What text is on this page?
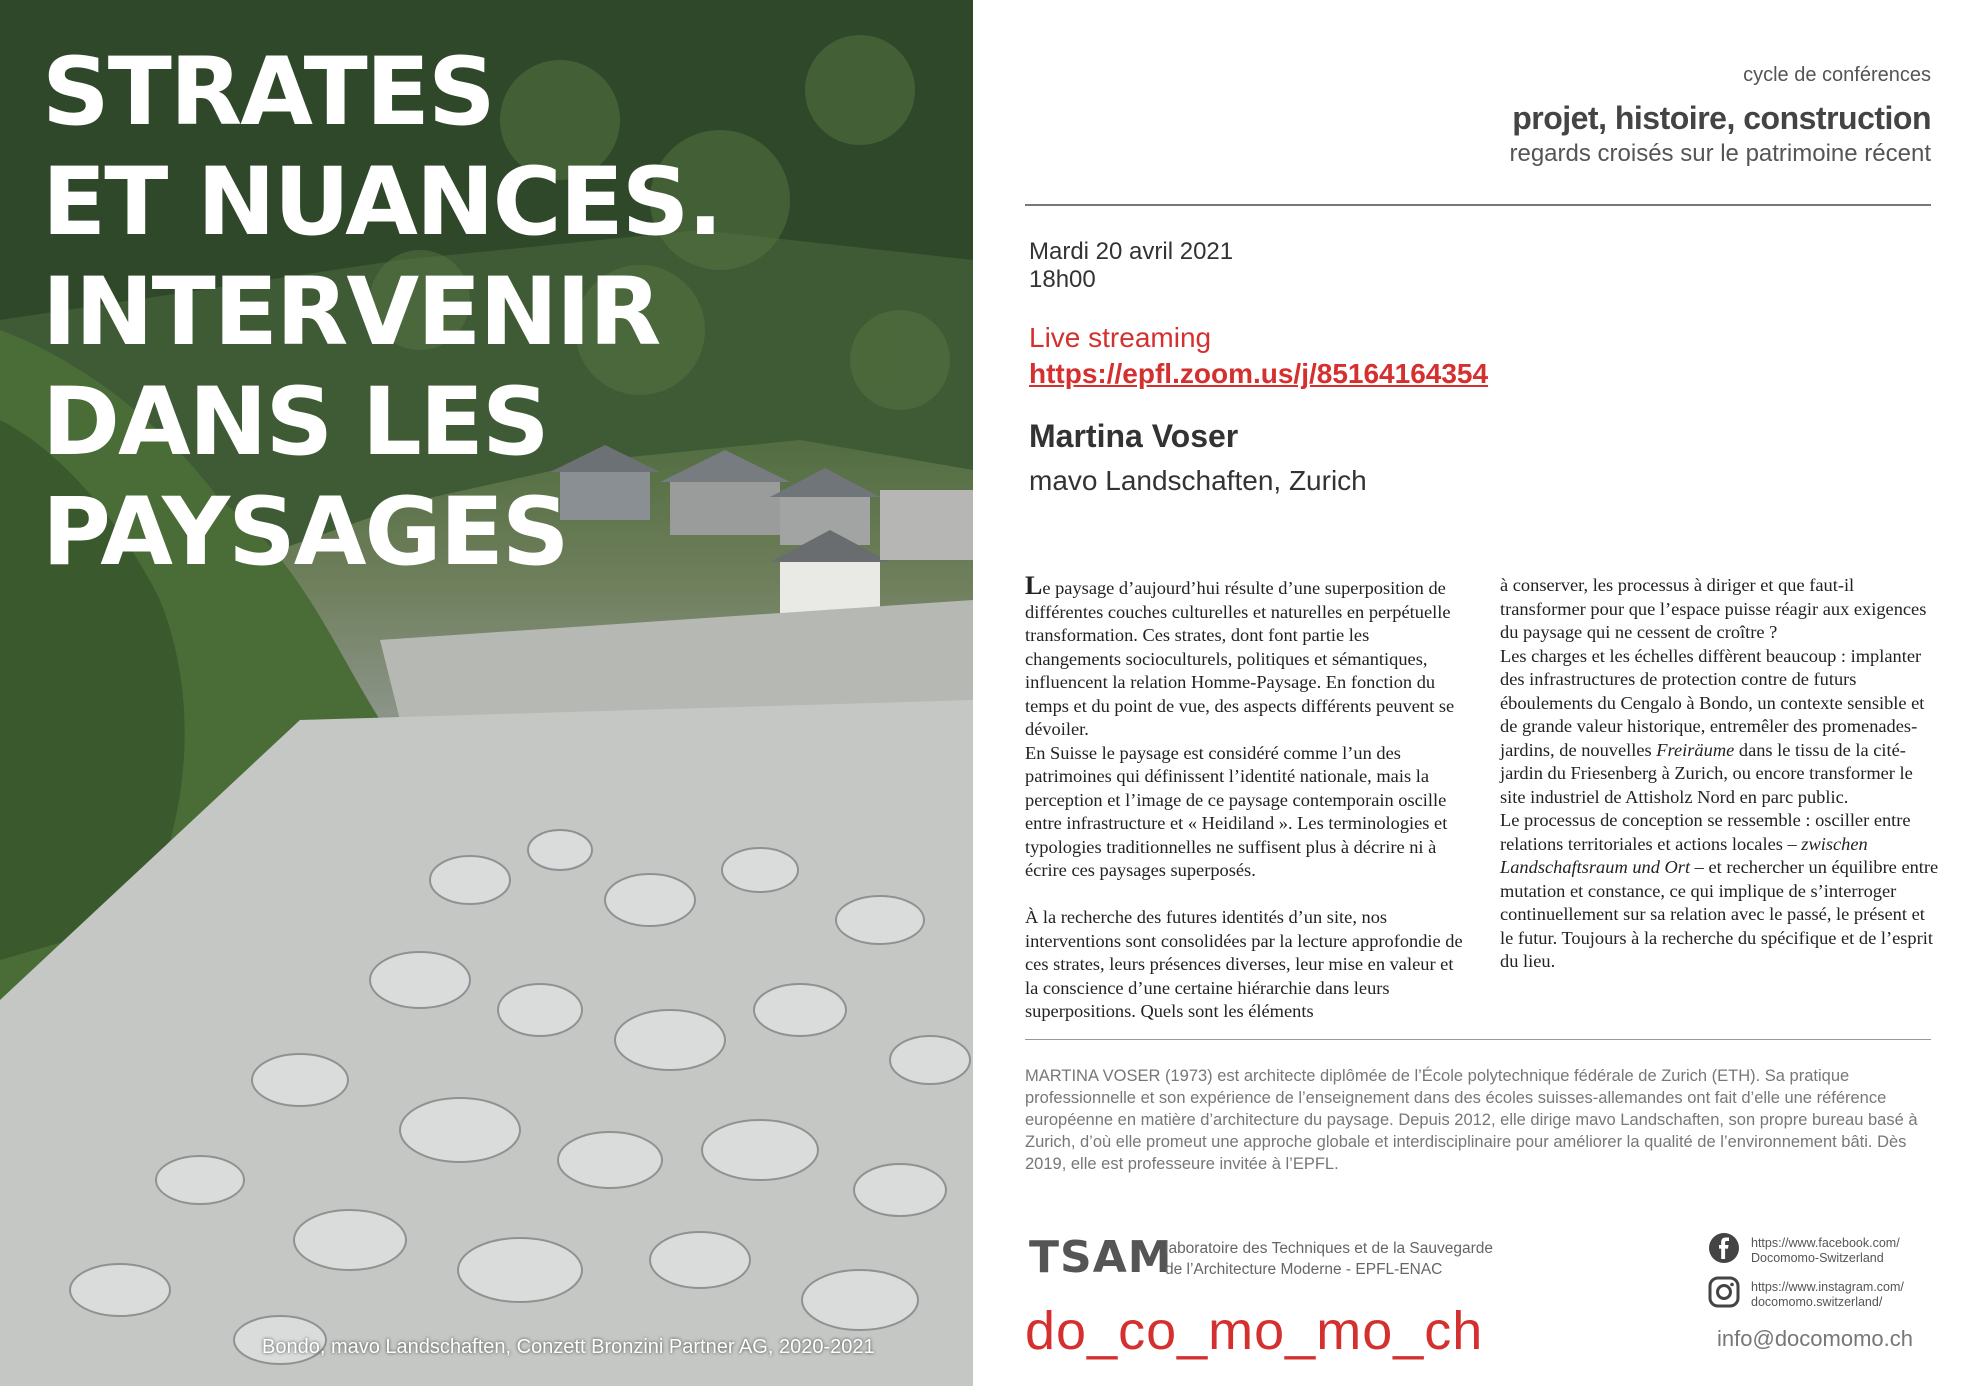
STRATES
ET NUANCES.
INTERVENIR
DANS LES
PAYSAGES
Bondo, mavo Landschaften, Conzett Bronzini Partner AG, 2020-2021
cycle de conférences
projet, histoire, construction
regards croisés sur le patrimoine récent
Mardi 20 avril 2021
18h00
Live streaming
https://epfl.zoom.us/j/85164164354
Martina Voser
mavo Landschaften, Zurich

Le paysage d’aujourd’hui résulte d’une superposition de différentes couches culturelles et naturelles en perpétuelle transformation. Ces strates, dont font partie les changements socioculturels, politiques et sémantiques, influencent la relation Homme-Paysage. En fonction du temps et du point de vue, des aspects différents peuvent se dévoiler.

En Suisse le paysage est considéré comme l’un des patrimoines qui définissent l’identité nationale, mais la perception et l’image de ce paysage contemporain oscille entre infrastructure et « Heidiland ». Les terminologies et typologies traditionnelles ne suffisent plus à décrire ni à écrire ces paysages superposés.

À la recherche des futures identités d’un site, nos interventions sont consolidées par la lecture approfondie de ces strates, leurs présences diverses, leur mise en valeur et la conscience d’une certaine hiérarchie dans leurs superpositions. Quels sont les éléments

à conserver, les processus à diriger et que faut-il transformer pour que l’espace puisse réagir aux exigences du paysage qui ne cessent de croître ?

Les charges et les échelles diffèrent beaucoup : implanter des infrastructures de protection contre de futurs éboulements du Cengalo à Bondo, un contexte sensible et de grande valeur historique, entremêler des promenades-jardins, de nouvelles Freiräume dans le tissu de la cité-jardin du Friesenberg à Zurich, ou encore transformer le site industriel de Attisholz Nord en parc public.

Le processus de conception se ressemble : osciller entre relations territoriales et actions locales – zwischen Landschaftsraum und Ort – et rechercher un équilibre entre mutation et constance, ce qui implique de s’interroger continuellement sur sa relation avec le passé, le présent et le futur. Toujours à la recherche du spécifique et de l’esprit du lieu.

MARTINA VOSER (1973) est architecte diplômée de l’École polytechnique fédérale de Zurich (ETH). Sa pratique professionnelle et son expérience de l’enseignement dans des écoles suisses-allemandes ont fait d’elle une référence européenne en matière d’architecture du paysage. Depuis 2012, elle dirige mavo Landschaften, son propre bureau basé à Zurich, d’où elle promeut une approche globale et interdisciplinaire pour améliorer la qualité de l’environnement bâti. Dès 2019, elle est professeure invitée à l’EPFL.
TSAM
laboratoire des Techniques et de la Sauvegarde
de l’Architecture Moderne - EPFL-ENAC
do_co_mo_mo_ch
https://www.facebook.com/
Docomomo-Switzerland
https://www.instagram.com/
docomomo.switzerland/
info@docomomo.ch
